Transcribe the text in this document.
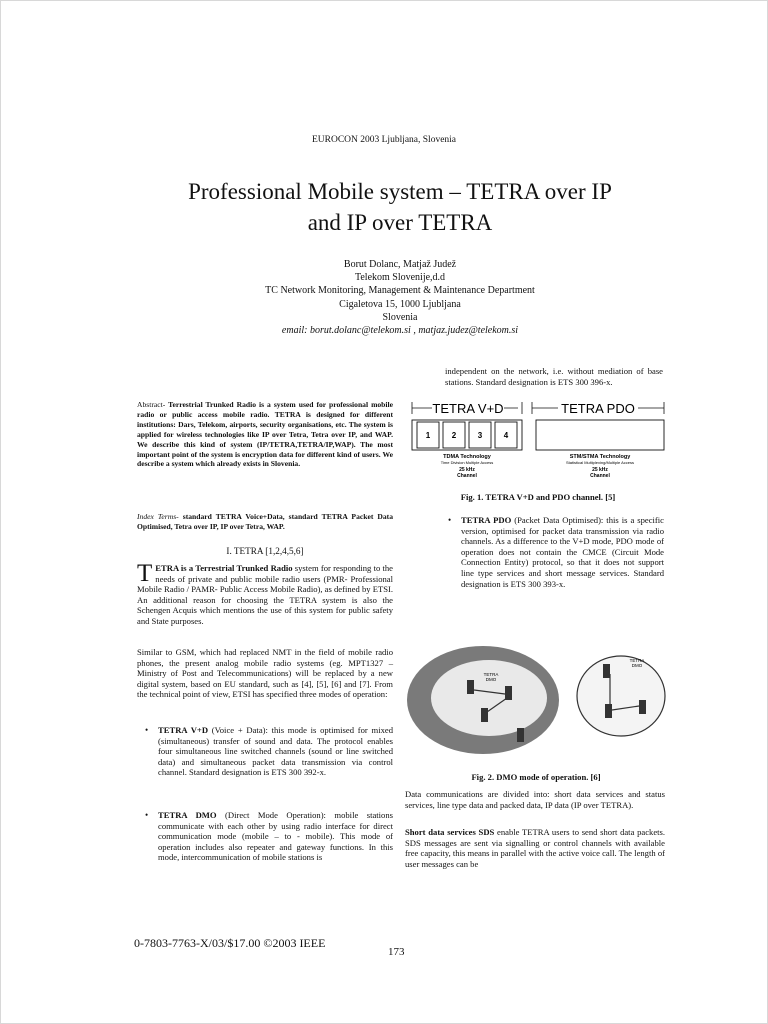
EUROCON 2003 Ljubljana, Slovenia
Professional Mobile system – TETRA over IP
and IP over TETRA
Borut Dolanc, Matjaž Judež
Telekom Slovenije,d.d
TC Network Monitoring, Management & Maintenance Department
Cigaletova 15, 1000 Ljubljana
Slovenia
email: borut.dolanc@telekom.si , matjaz.judez@telekom.si
Abstract- Terrestrial Trunked Radio is a system used for professional mobile radio or public access mobile radio. TETRA is designed for different institutions: Dars, Telekom, airports, security organisations, etc. The system is applied for wireless technologies like IP over Tetra, Tetra over IP, and WAP. We describe this kind of system (IP/TETRA,TETRA/IP,WAP). The most important point of the system is encryption data for different kind of users. We describe a system which already exists in Slovenia.
Index Terms- standard TETRA Voice+Data, standard TETRA Packet Data Optimised, Tetra over IP, IP over Tetra, WAP.
I. TETRA [1,2,4,5,6]
TETRA is a Terrestrial Trunked Radio system for responding to the needs of private and public mobile radio users (PMR- Professional Mobile Radio / PAMR- Public Access Mobile Radio), as defined by ETSI. An additional reason for choosing the TETRA system is also the Schengen Acquis which mentions the use of this system for public safety and State purposes.
Similar to GSM, which had replaced NMT in the field of mobile radio phones, the present analog mobile radio systems (eg. MPT1327 – Ministry of Post and Telecommunications) will be replaced by a new digital system, based on EU standard, such as [4], [5], [6] and [7]. From the technical point of view, ETSI has specified three modes of operation:
• TETRA V+D (Voice + Data): this mode is optimised for mixed (simultaneous) transfer of sound and data. The protocol enables four simultaneous line switched channels (sound or line switched data) and simultaneous packet data transmission via control channel. Standard designation is ETS 300 392-x.
• TETRA DMO (Direct Mode Operation): mobile stations communicate with each other by using radio interface for direct communication mode (mobile – to - mobile). This mode of operation includes also repeater and gateway functions. In this mode, intercommunication of mobile stations is
independent on the network, i.e. without mediation of base stations. Standard designation is ETS 300 396-x.
TETRA V+D	TETRA PDO
1	2	3	4
TDMA Technology
Time Division Multiple Access
25 kHz
Channel
STM/STMA Technology
Statistical Multiplexing/Multiple Access
25 kHz
Channel
Fig. 1. TETRA V+D and PDO channel. [5]
• TETRA PDO (Packet Data Optimised): this is a specific version, optimised for packet data transmission via radio channels. As a difference to the V+D mode, PDO mode of operation does not contain the CMCE (Circuit Mode Connection Entity) protocol, so that it does not support line type services and short message services. Standard designation is ETS 300 393-x.
TETRA
DMO
TETRA
DMO
Fig. 2. DMO mode of operation. [6]
Data communications are divided into: short data services and status services, line type data and packed data, IP data (IP over TETRA).
Short data services SDS enable TETRA users to send short data packets. SDS messages are sent via signalling or control channels with available free capacity, this means in parallel with the active voice call. The length of user messages can be
0-7803-7763-X/03/$17.00 ©2003 IEEE
173
